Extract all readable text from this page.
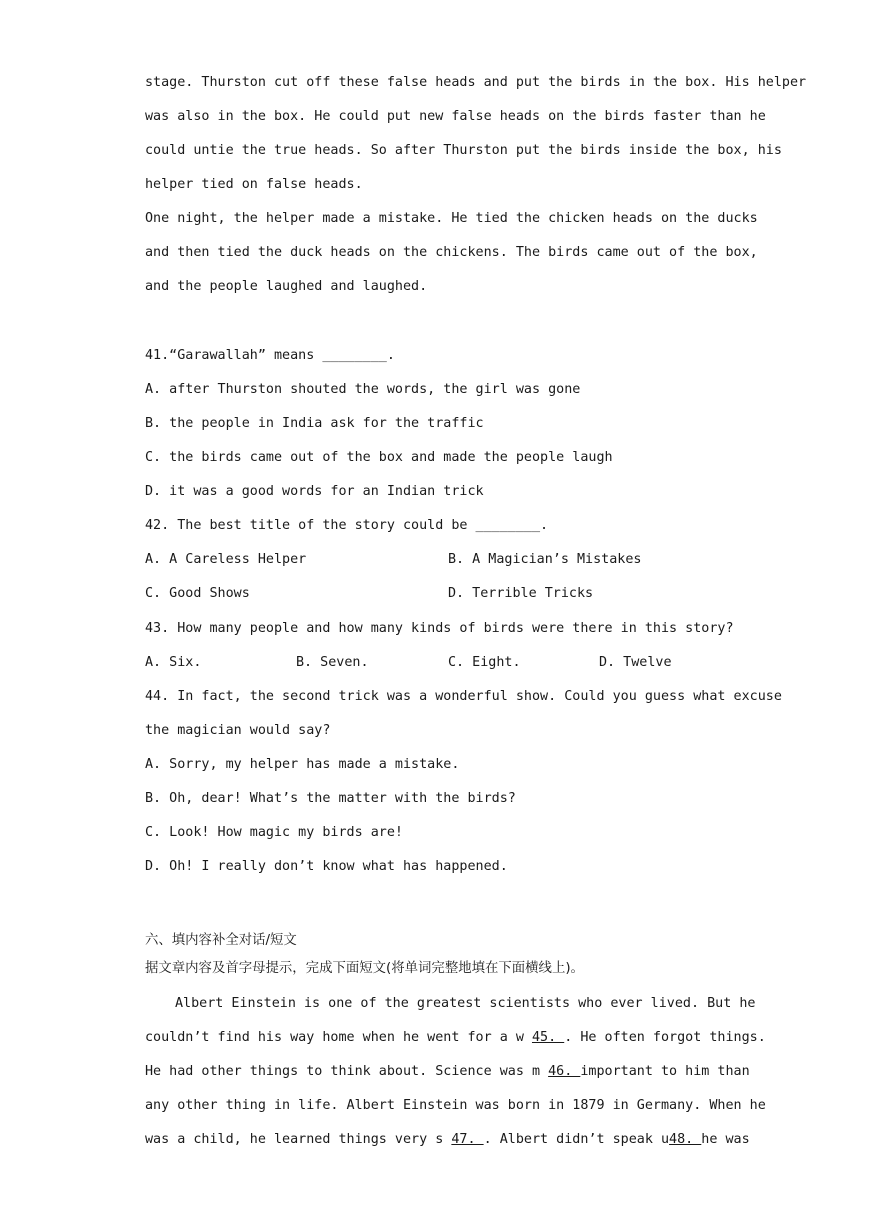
stage. Thurston cut off these false heads and put the birds in the box. His helper
was also in the box. He could put new false heads on the birds faster than he
could untie the true heads. So after Thurston put the birds inside the box, his
helper tied on false heads.
One night, the helper made a mistake. He tied the chicken heads on the ducks
and then tied the duck heads on the chickens. The birds came out of the box,
and the people laughed and laughed.
41.“Garawallah” means ________.
A. after Thurston shouted the words, the girl was gone
B. the people in India ask for the traffic
C. the birds came out of the box and made the people laugh
D. it was a good words for an Indian trick
42. The best title of the story could be ________.
A. A Careless Helper	B. A Magician’s Mistakes
C. Good Shows	D. Terrible Tricks
43. How many people and how many kinds of birds were there in this story?
A. Six.	B. Seven.	C. Eight.	D. Twelve
44. In fact, the second trick was a wonderful show. Could you guess what excuse
the magician would say?
A. Sorry, my helper has made a mistake.
B. Oh, dear! What’s the matter with the birds?
C. Look! How magic my birds are!
D. Oh! I really don’t know what has happened.
六、填内容补全对话/短文
据文章内容及首字母提示，完成下面短文(将单词完整地填在下面横线上)。
Albert Einstein is one of the greatest scientists who ever lived. But he
couldn’t find his way home when he went for a w 45. . He often forgot things.
He had other things to think about. Science was m 46. important to him than
any other thing in life. Albert Einstein was born in 1879 in Germany. When he
was a child, he learned things very s 47. . Albert didn’t speak u48. he was
